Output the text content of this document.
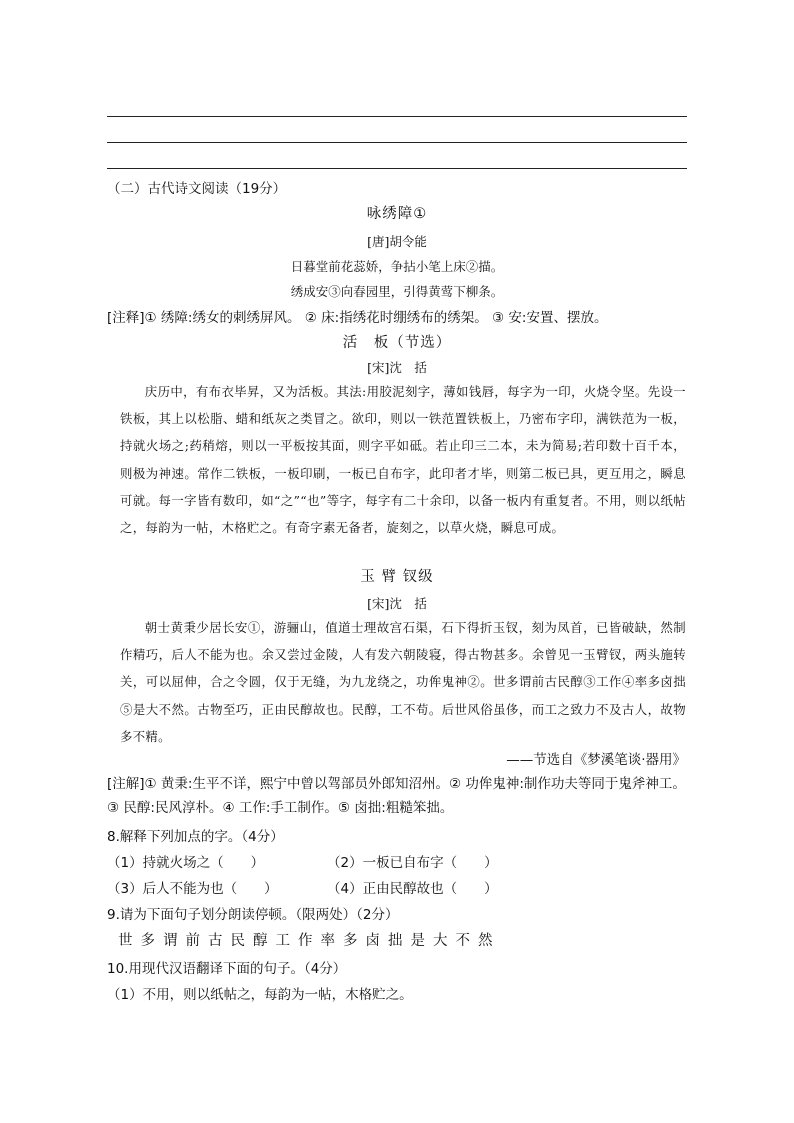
（二）古代诗文阅读（19分）
咏绣障①
[唐]胡令能
日暮堂前花蕊娇，争拈小笔上床②描。
绣成安③向春园里，引得黄莺下柳条。
[注释]① 绣障:绣女的刺绣屏风。 ② 床:指绣花时绷绣布的绣架。 ③ 安:安置、摆放。
活　板（节选）
[宋]沈　括

庆历中，有布衣毕昇，又为活板。其法:用胶泥刻字，薄如钱唇，每字为一印，火烧令坚。先设一铁板，其上以松脂、蜡和纸灰之类冒之。欲印，则以一铁范置铁板上，乃密布字印，满铁范为一板，持就火场之;药稍熔，则以一平板按其面，则字平如砥。若止印三二本，未为简易;若印数十百千本，则极为神速。常作二铁板，一板印刷，一板已自布字，此印者才毕，则第二板已具，更互用之，瞬息可就。每一字皆有数印，如“之”“也”等字，每字有二十余印，以备一板内有重复者。不用，则以纸帖之，每韵为一帖，木格贮之。有奇字素无备者，旋刻之，以草火烧，瞬息可成。

玉 臂 钗级
[宋]沈　括

朝士黄秉少居长安①，游骊山，值道士理故宫石渠，石下得折玉钗，刻为凤首，已皆破缺，然制作精巧，后人不能为也。余又尝过金陵，人有发六朝陵寝，得古物甚多。余曾见一玉臂钗，两头施转关，可以屈伸，合之令圆，仅于无缝，为九龙绕之，功侔鬼神②。世多谓前古民醇③工作④率多卤拙⑤是大不然。古物至巧，正由民醇故也。民醇，工不苟。后世风俗虽侈，而工之致力不及古人，故物多不精。

——节选自《梦溪笔谈·器用》
[注解]① 黄秉:生平不详，熙宁中曾以驾部员外郎知沼州。② 功侔鬼神:制作功夫等同于鬼斧神工。③ 民醇:民风淳朴。④ 工作:手工制作。⑤ 卤拙:粗糙笨拙。
8.解释下列加点的字。（4分）
（1）持就火场之（　　）	（2）一板已自布字（　　）
（3）后人不能为也（　　）	（4）正由民醇故也（　　）
9.请为下面句子划分朗读停顿。（限两处）（2分）
世多谓前古民醇工作率多卤拙是大不然
10.用现代汉语翻译下面的句子。（4分）
（1）不用，则以纸帖之，每韵为一帖，木格贮之。
